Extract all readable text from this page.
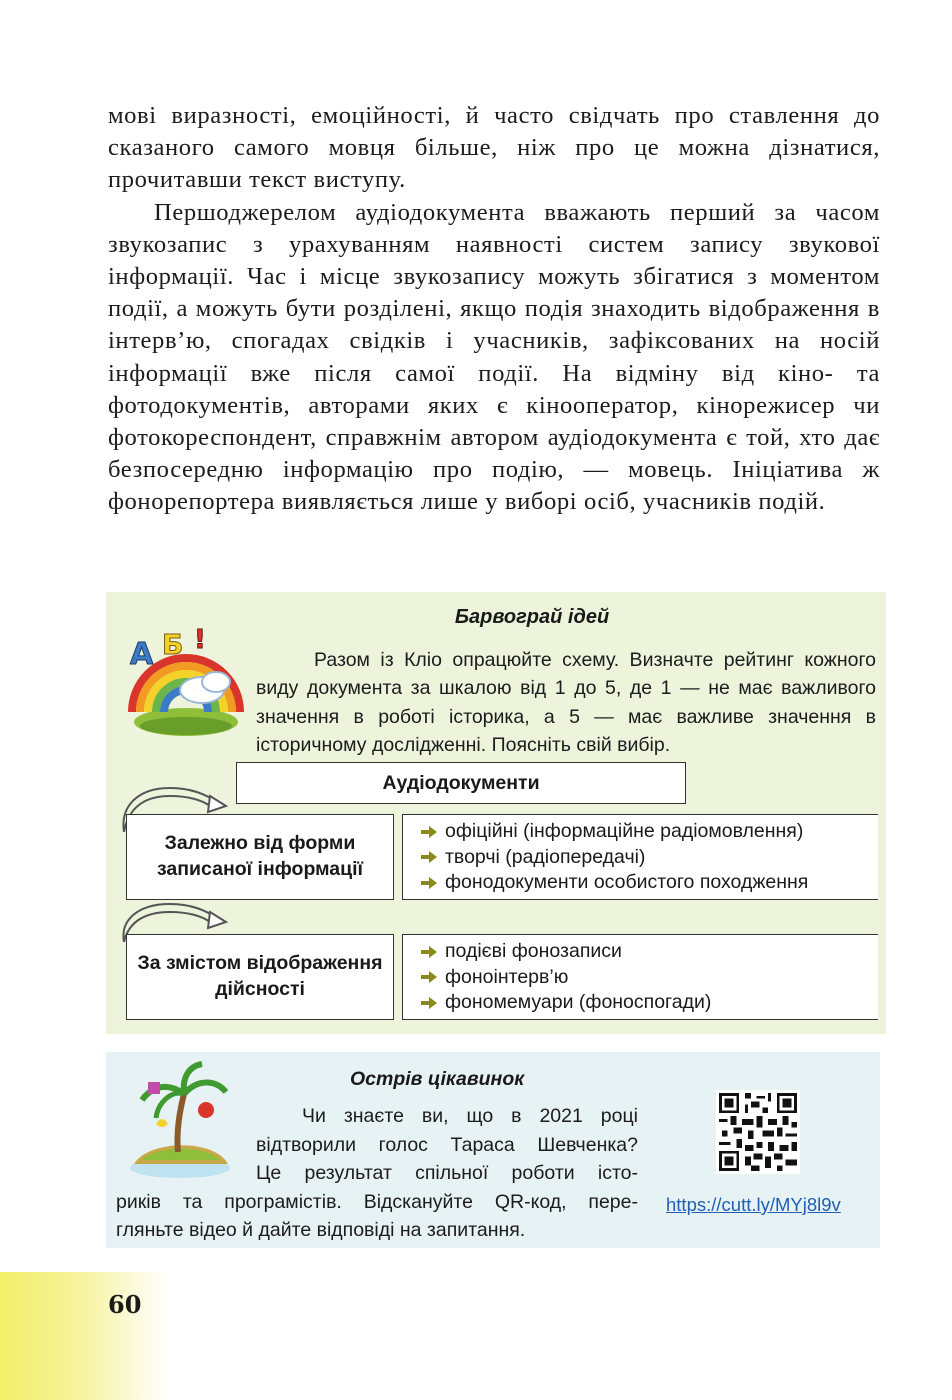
мові виразності, емоційності, й часто свідчать про ставлення до сказаного самого мовця більше, ніж про це можна дізнатися, прочитавши текст виступу.

Першоджерелом аудіодокумента вважають перший за часом звукозапис з урахуванням наявності систем запису звукової інформації. Час і місце звукозапису можуть збігатися з моментом події, а можуть бути розділені, якщо подія знаходить відображення в інтерв’ю, спогадах свідків і учасників, зафіксованих на носій інформації вже після самої події. На відміну від кіно- та фотодокументів, авторами яких є кінооператор, кінорежисер чи фотокореспондент, справжнім автором аудіодокумента є той, хто дає безпосередню інформацію про подію, — мовець. Ініціатива ж фонорепортера виявляється лише у виборі осіб, учасників подій.

А Б !
Барвограй ідей

Разом із Кліо опрацюйте схему. Визначте рейтинг кожного виду документа за шкалою від 1 до 5, де 1 — не має важливого значення в роботі історика, а 5 — має важливе значення в історичному дослідженні. Поясніть свій вибір.

Аудіодокументи
Залежно від форми записаної інформації
офіційні (інформаційне радіомовлення)
творчі (радіопередачі)
фонодокументи особистого походження
За змістом відображення дійсності
подієві фонозаписи
фоноінтерв’ю
фономемуари (фоноспогади)
Острів цікавинок
Чи знаєте ви, що в 2021 році
відтворили голос Тараса Шевченка?
Це результат спільної роботи істо-
риків та програмістів. Відскануйте QR-код, пере-
гляньте відео й дайте відповіді на запитання.
https://cutt.ly/MYj8l9v
60
